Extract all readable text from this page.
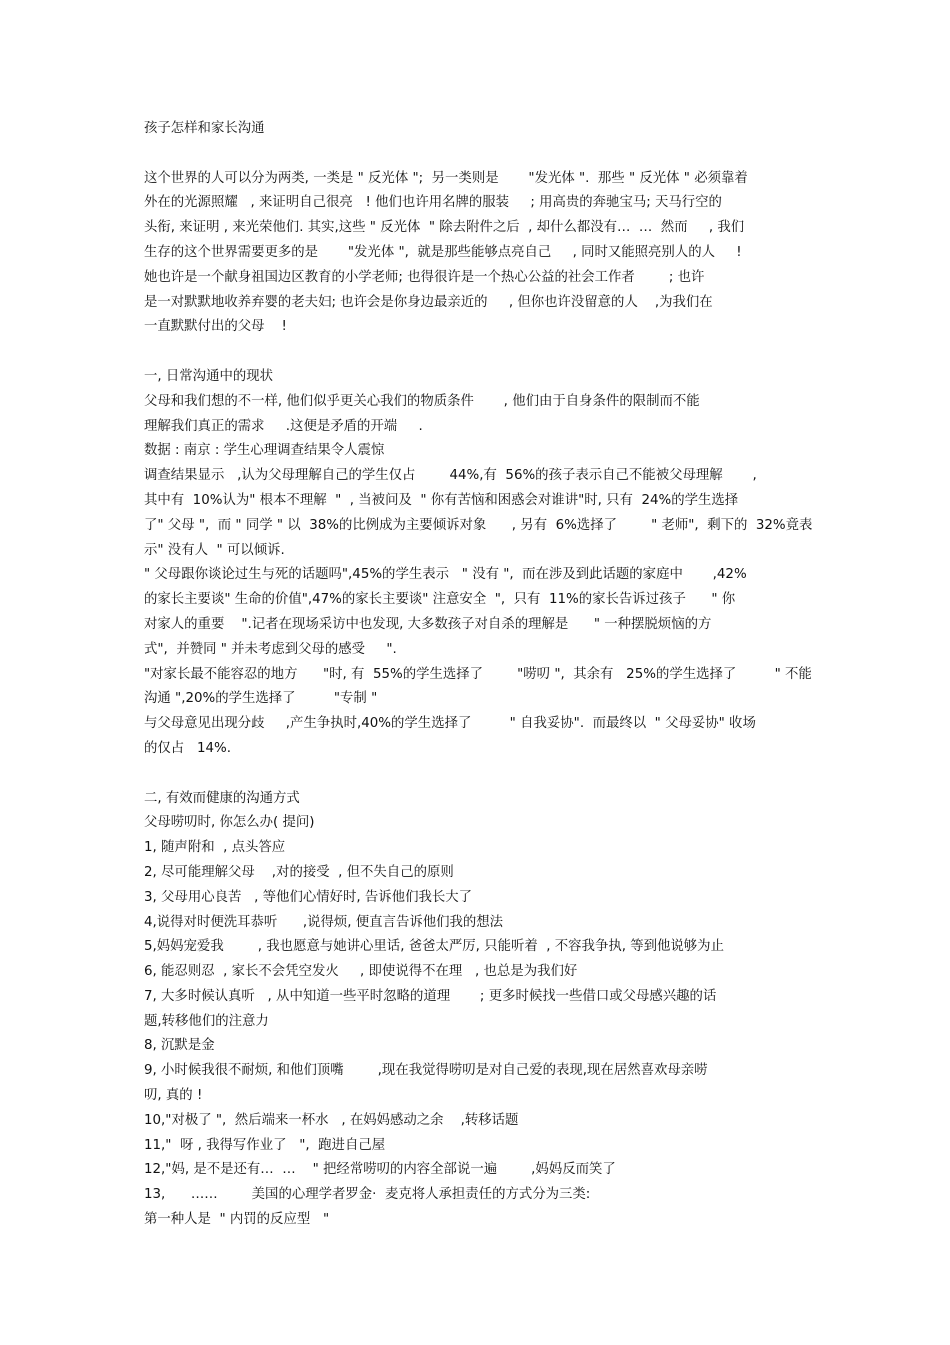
孩子怎样和家长沟通
这个世界的人可以分为两类, 一类是 " 反光体 ";  另一类则是       "发光体 ".  那些 " 反光体 " 必须靠着
外在的光源照耀   , 来证明自己很亮   ! 他们也许用名牌的服装     ; 用高贵的奔驰宝马; 天马行空的
头衔, 来证明 , 来光荣他们. 其实,这些 " 反光体  " 除去附件之后  , 却什么都没有…  …  然而     , 我们
生存的这个世界需要更多的是       "发光体 ",  就是那些能够点亮自己     , 同时又能照亮别人的人     !
她也许是一个献身祖国边区教育的小学老师; 也得很许是一个热心公益的社会工作者        ; 也许
是一对默默地收养弃婴的老夫妇; 也许会是你身边最亲近的     , 但你也许没留意的人    ,为我们在
一直默默付出的父母    !
一, 日常沟通中的现状
父母和我们想的不一样, 他们似乎更关心我们的物质条件       , 他们由于自身条件的限制而不能
理解我们真正的需求     .这便是矛盾的开端     .
数据 : 南京 : 学生心理调查结果令人震惊
调查结果显示   ,认为父母理解自己的学生仅占        44%,有  56%的孩子表示自己不能被父母理解       ,
其中有  10%认为" 根本不理解  "  , 当被问及  " 你有苦恼和困惑会对谁讲"时, 只有  24%的学生选择
了" 父母 ",  而 " 同学 " 以  38%的比例成为主要倾诉对象      , 另有  6%选择了        " 老师",  剩下的  32%竟表
示" 没有人  " 可以倾诉.
" 父母跟你谈论过生与死的话题吗",45%的学生表示   " 没有 ",  而在涉及到此话题的家庭中       ,42%
的家长主要谈" 生命的价值",47%的家长主要谈" 注意安全  ",  只有  11%的家长告诉过孩子      " 你
对家人的重要    ".记者在现场采访中也发现, 大多数孩子对自杀的理解是      " 一种摆脱烦恼的方
式",  并赞同 " 并未考虑到父母的感受     ".
"对家长最不能容忍的地方      "时, 有  55%的学生选择了        "唠叨 ",  其余有   25%的学生选择了         " 不能
沟通 ",20%的学生选择了         "专制 "
与父母意见出现分歧     ,产生争执时,40%的学生选择了         " 自我妥协".  而最终以  " 父母妥协" 收场
的仅占   14%.
二, 有效而健康的沟通方式
父母唠叨时, 你怎么办( 提问)
1, 随声附和  , 点头答应
2, 尽可能理解父母    ,对的接受  , 但不失自己的原则
3, 父母用心良苦   , 等他们心情好时, 告诉他们我长大了
4,说得对时便洗耳恭听      ,说得烦, 便直言告诉他们我的想法
5,妈妈宠爱我        , 我也愿意与她讲心里话, 爸爸太严厉, 只能听着  , 不容我争执, 等到他说够为止
6, 能忍则忍  , 家长不会凭空发火     , 即使说得不在理   , 也总是为我们好
7, 大多时候认真听   , 从中知道一些平时忽略的道理       ; 更多时候找一些借口或父母感兴趣的话
题,转移他们的注意力
8, 沉默是金
9, 小时候我很不耐烦, 和他们顶嘴        ,现在我觉得唠叨是对自己爱的表现,现在居然喜欢母亲唠
叨, 真的 !
10,"对极了 ",  然后端来一杯水   , 在妈妈感动之余    ,转移话题
11,"  呀 , 我得写作业了   ",  跑进自己屋
12,"妈, 是不是还有…  …    " 把经常唠叨的内容全部说一遍        ,妈妈反而笑了
13,      ……        美国的心理学者罗金·  麦克将人承担责任的方式分为三类:
第一种人是  " 内罚的反应型   "
